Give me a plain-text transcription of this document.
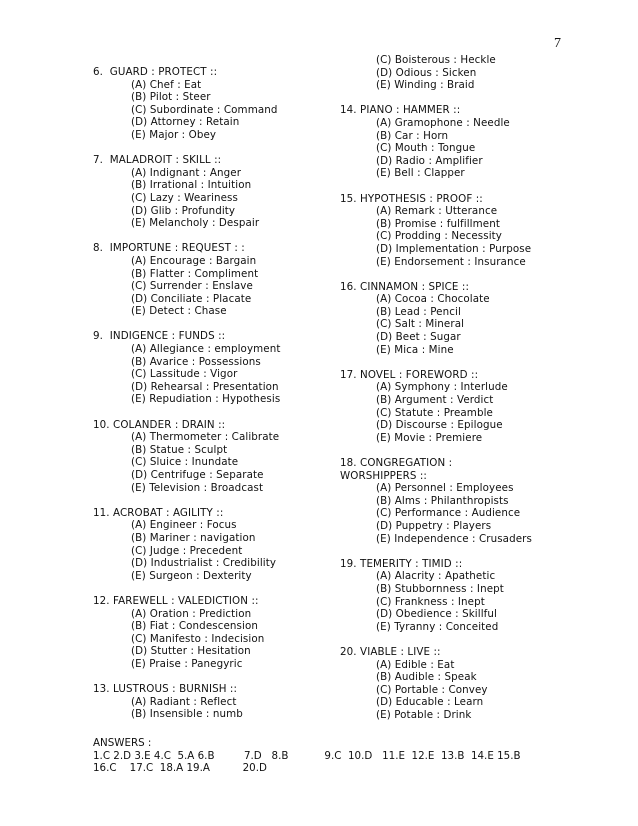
7
6.  GUARD : PROTECT ::
(A) Chef : Eat
(B) Pilot : Steer
(C) Subordinate : Command
(D) Attorney : Retain
(E) Major : Obey
7.  MALADROIT : SKILL ::
(A) Indignant : Anger
(B) Irrational : Intuition
(C) Lazy : Weariness
(D) Glib : Profundity
(E) Melancholy : Despair
8.  IMPORTUNE : REQUEST : :
(A) Encourage : Bargain
(B) Flatter : Compliment
(C) Surrender : Enslave
(D) Conciliate : Placate
(E) Detect : Chase
9.  INDIGENCE : FUNDS ::
(A) Allegiance : employment
(B) Avarice : Possessions
(C) Lassitude : Vigor
(D) Rehearsal : Presentation
(E) Repudiation : Hypothesis
10. COLANDER : DRAIN ::
(A) Thermometer : Calibrate
(B) Statue : Sculpt
(C) Sluice : Inundate
(D) Centrifuge : Separate
(E) Television : Broadcast
11. ACROBAT : AGILITY ::
(A) Engineer : Focus
(B) Mariner : navigation
(C) Judge : Precedent
(D) Industrialist : Credibility
(E) Surgeon : Dexterity
12. FAREWELL : VALEDICTION ::
(A) Oration : Prediction
(B) Fiat : Condescension
(C) Manifesto : Indecision
(D) Stutter : Hesitation
(E) Praise : Panegyric
13. LUSTROUS : BURNISH ::
(A) Radiant : Reflect
(B) Insensible : numb
(C) Boisterous : Heckle
(D) Odious : Sicken
(E) Winding : Braid
14. PIANO : HAMMER ::
(A) Gramophone : Needle
(B) Car : Horn
(C) Mouth : Tongue
(D) Radio : Amplifier
(E) Bell : Clapper
15. HYPOTHESIS : PROOF ::
(A) Remark : Utterance
(B) Promise : fulfillment
(C) Prodding : Necessity
(D) Implementation : Purpose
(E) Endorsement : Insurance
16. CINNAMON : SPICE ::
(A) Cocoa : Chocolate
(B) Lead : Pencil
(C) Salt : Mineral
(D) Beet : Sugar
(E) Mica : Mine
17. NOVEL : FOREWORD ::
(A) Symphony : Interlude
(B) Argument : Verdict
(C) Statute : Preamble
(D) Discourse : Epilogue
(E) Movie : Premiere
18. CONGREGATION :
WORSHIPPERS ::
(A) Personnel : Employees
(B) Alms : Philanthropists
(C) Performance : Audience
(D) Puppetry : Players
(E) Independence : Crusaders
19. TEMERITY : TIMID ::
(A) Alacrity : Apathetic
(B) Stubbornness : Inept
(C) Frankness : Inept
(D) Obedience : Skillful
(E) Tyranny : Conceited
20. VIABLE : LIVE ::
(A) Edible : Eat
(B) Audible : Speak
(C) Portable : Convey
(D) Educable : Learn
(E) Potable : Drink
ANSWERS :
1.C 2.D 3.E 4.C  5.A 6.B         7.D   8.B           9.C  10.D   11.E  12.E  13.B  14.E 15.B
16.C    17.C  18.A 19.A          20.D
